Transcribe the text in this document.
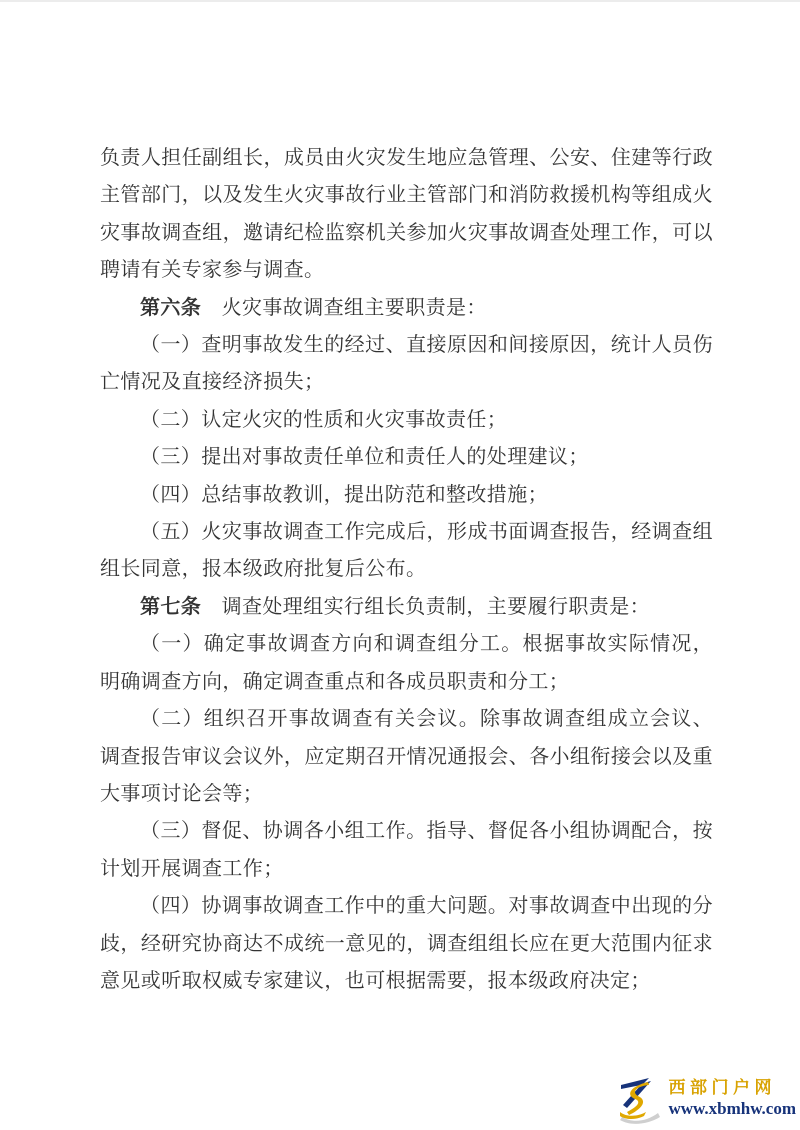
负责人担任副组长，成员由火灾发生地应急管理、公安、住建等行政主管部门，以及发生火灾事故行业主管部门和消防救援机构等组成火灾事故调查组，邀请纪检监察机关参加火灾事故调查处理工作，可以聘请有关专家参与调查。

第六条　火灾事故调查组主要职责是：

（一）查明事故发生的经过、直接原因和间接原因，统计人员伤亡情况及直接经济损失；

（二）认定火灾的性质和火灾事故责任；

（三）提出对事故责任单位和责任人的处理建议；

（四）总结事故教训，提出防范和整改措施；

（五）火灾事故调查工作完成后，形成书面调查报告，经调查组组长同意，报本级政府批复后公布。

第七条　调查处理组实行组长负责制，主要履行职责是：

（一）确定事故调查方向和调查组分工。根据事故实际情况， 明确调查方向，确定调查重点和各成员职责和分工；

（二）组织召开事故调查有关会议。除事故调查组成立会议、 调查报告审议会议外，应定期召开情况通报会、各小组衔接会以及重大事项讨论会等；

（三）督促、协调各小组工作。指导、督促各小组协调配合，按计划开展调查工作；

（四）协调事故调查工作中的重大问题。对事故调查中出现的分歧，经研究协商达不成统一意见的，调查组组长应在更大范围内征求意见或听取权威专家建议，也可根据需要，报本级政府决定；

西部门户网
www.xbmhw.com
